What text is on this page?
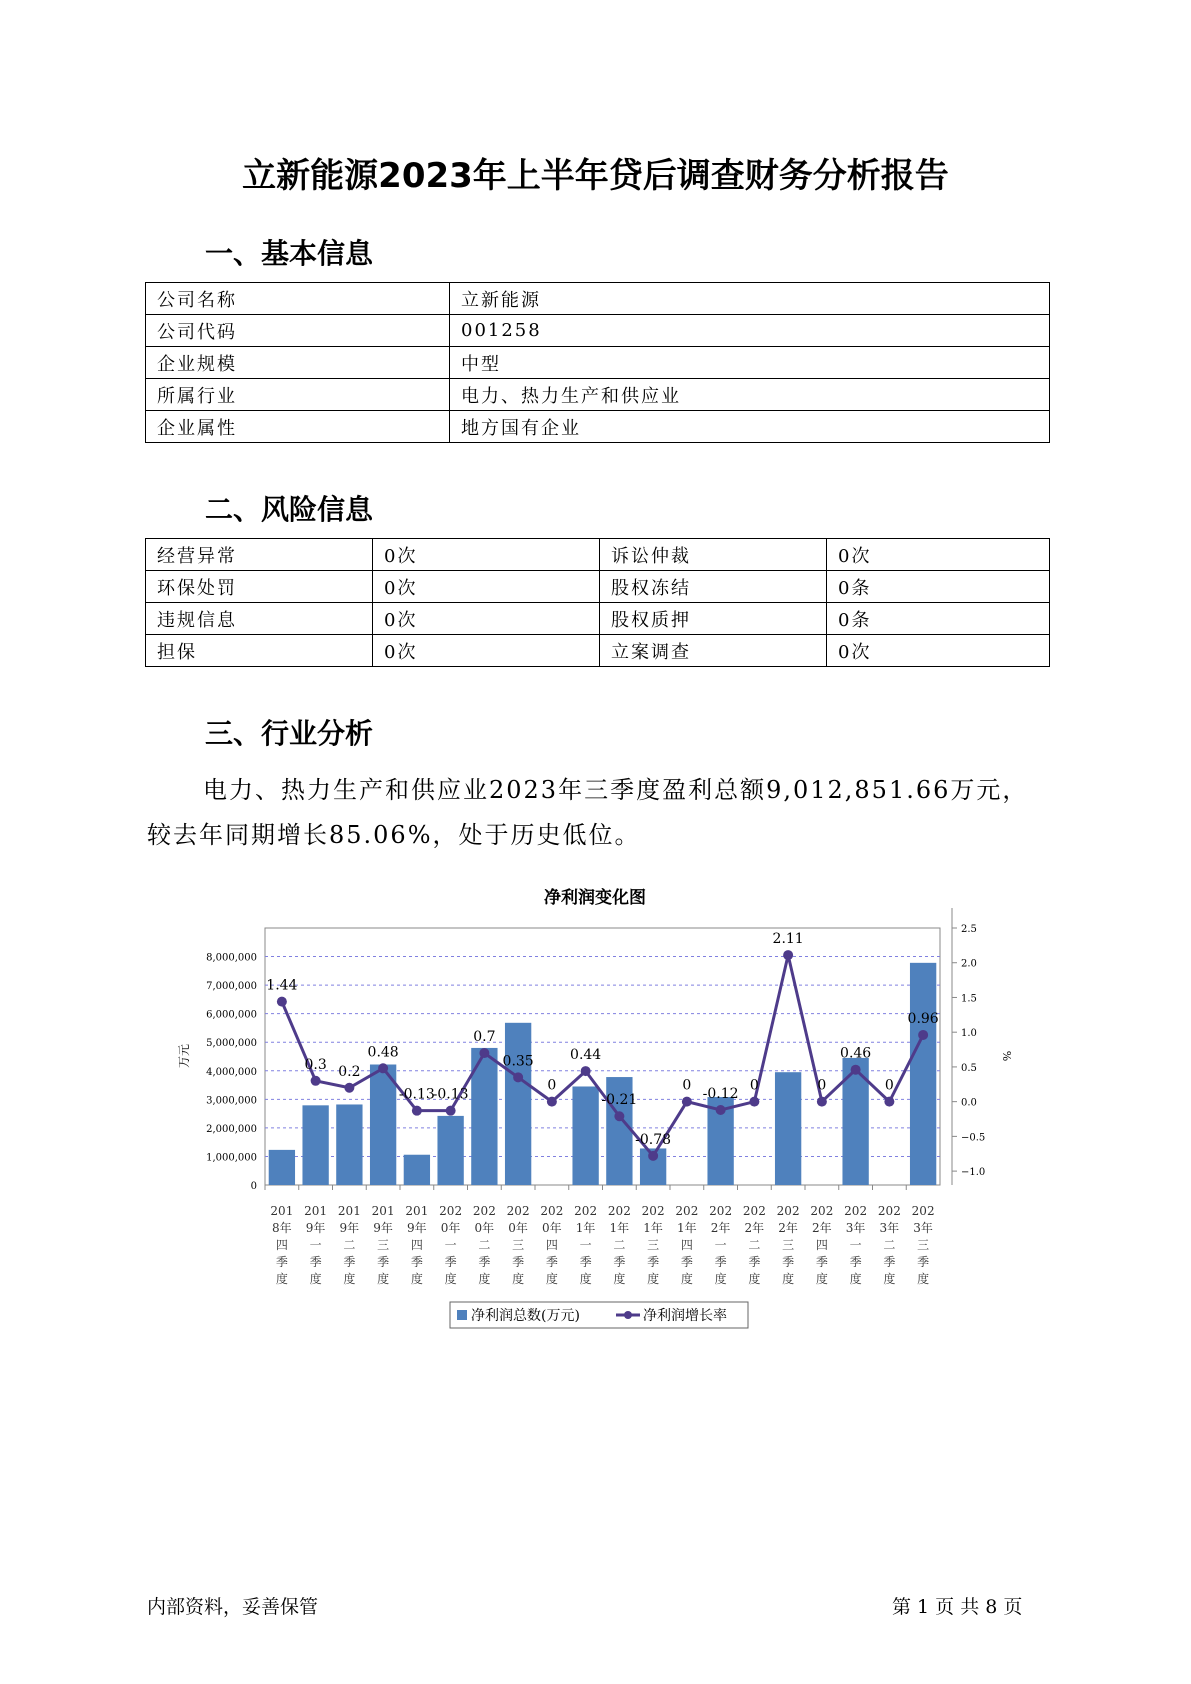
立新能源2023年上半年贷后调查财务分析报告
一、基本信息
公司名称	立新能源
公司代码	001258
企业规模	中型
所属行业	电力、热力生产和供应业
企业属性	地方国有企业
二、风险信息
经营异常	0次	诉讼仲裁	0次
环保处罚	0次	股权冻结	0条
违规信息	0次	股权质押	0条
担保	0次	立案调查	0次
三、行业分析
电力、热力生产和供应业2023年三季度盈利总额9,012,851.66万元，较去年同期增长85.06%，处于历史低位。
净利润变化图
0
1,000,000
2,000,000
3,000,000
4,000,000
5,000,000
6,000,000
7,000,000
8,000,000
万元
−1.0
−0.5
0.0
0.5
1.0
1.5
2.0
2.5
%
201 8年四季度
201 9年一季度
201 9年二季度
201 9年三季度
201 9年四季度
202 0年一季度
202 0年二季度
202 0年三季度
202 0年四季度
202 1年一季度
202 1年二季度
202 1年三季度
202 1年四季度
202 2年一季度
202 2年二季度
202 2年三季度
202 2年四季度
202 3年一季度
202 3年二季度
202 3年三季度
1.44
0.3 0.2
0.48
-0.13
-0.13
0.7
0.35
0
0.44
-0.21
-0.78
0
-0.12
0
2.11
0
0.46
0
0.96
净利润总数(万元)	净利润增长率
内部资料，妥善保管	第 1 页 共 8 页
